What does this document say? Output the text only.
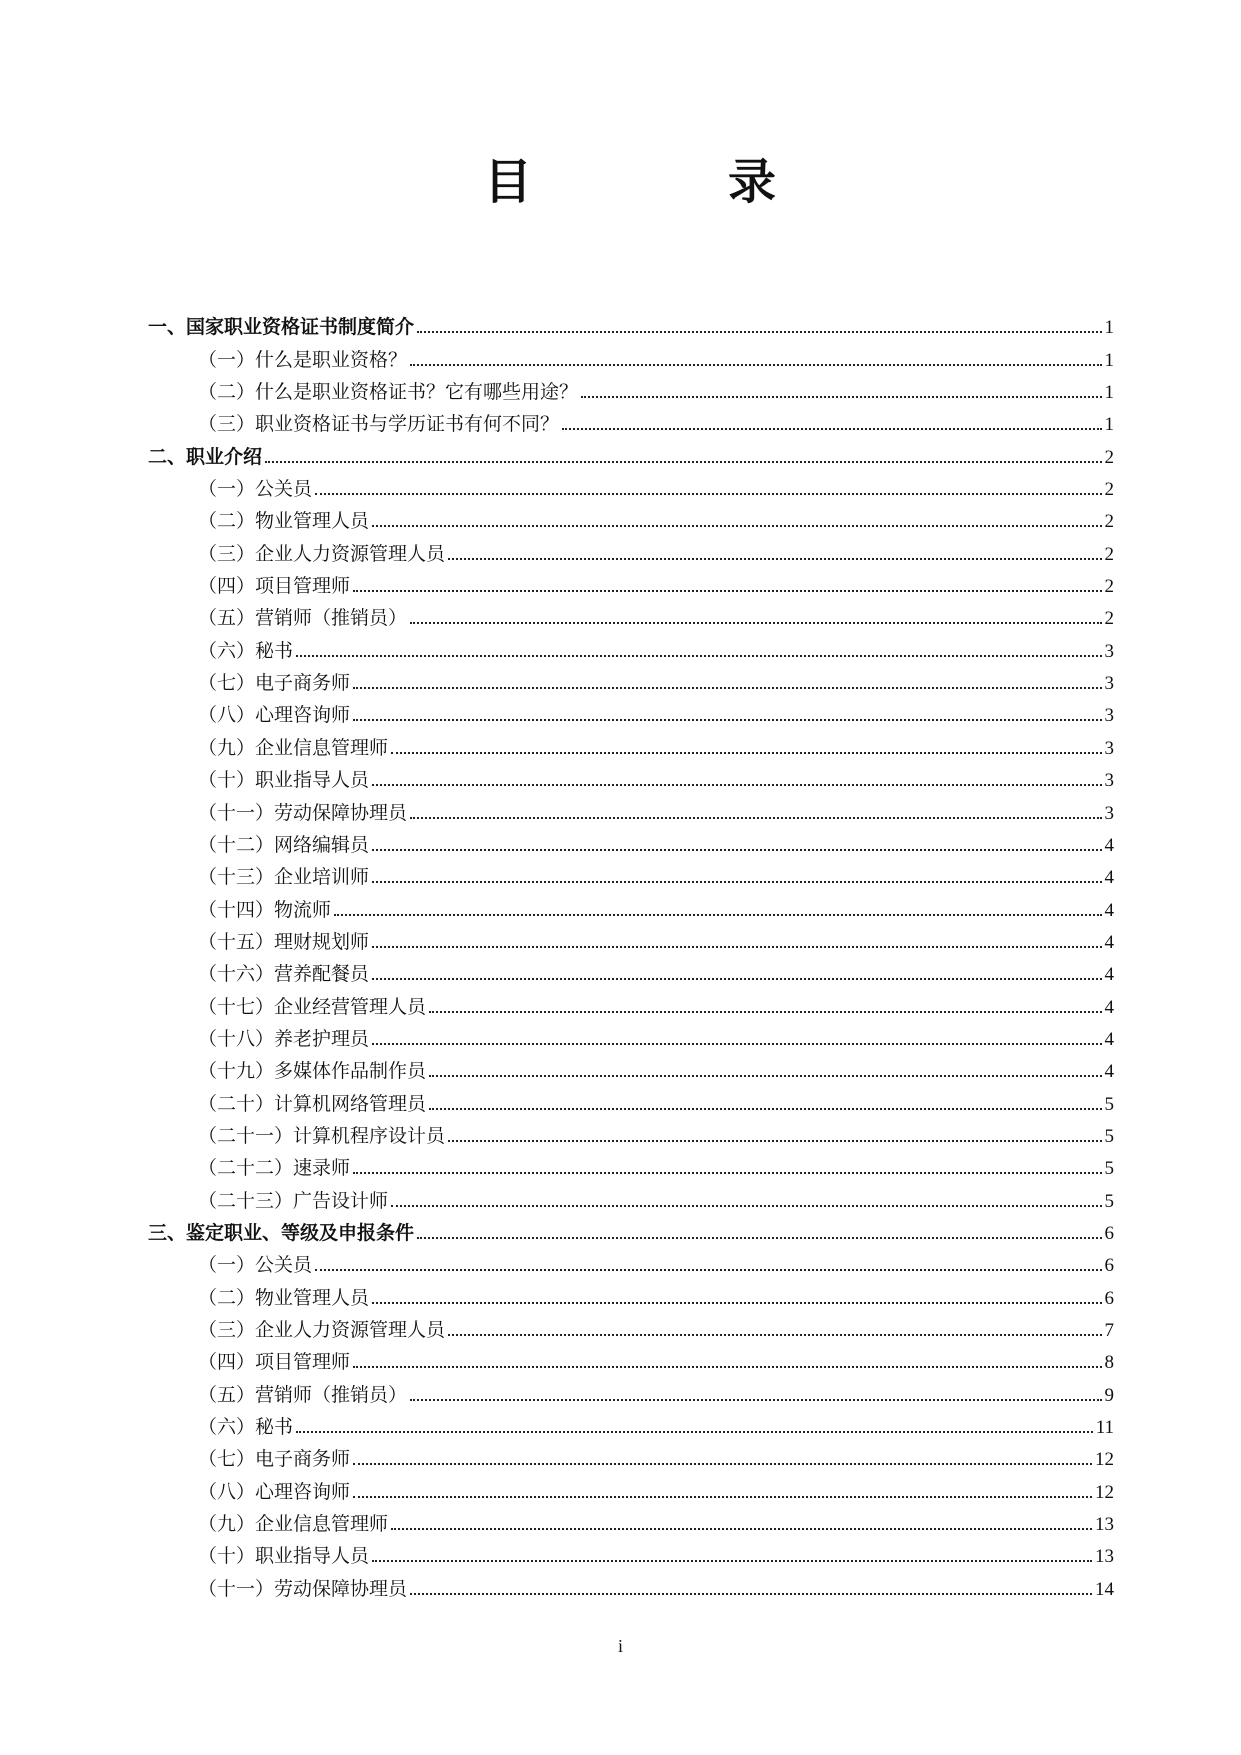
目	录
一、国家职业资格证书制度简介	1
（一）什么是职业资格？	1
（二）什么是职业资格证书？它有哪些用途？	1
（三）职业资格证书与学历证书有何不同？	1
二、职业介绍	2
（一）公关员	2
（二）物业管理人员	2
（三）企业人力资源管理人员	2
（四）项目管理师	2
（五）营销师（推销员）	2
（六）秘书	3
（七）电子商务师	3
（八）心理咨询师	3
（九）企业信息管理师	3
（十）职业指导人员	3
（十一）劳动保障协理员	3
（十二）网络编辑员	4
（十三）企业培训师	4
（十四）物流师	4
（十五）理财规划师	4
（十六）营养配餐员	4
（十七）企业经营管理人员	4
（十八）养老护理员	4
（十九）多媒体作品制作员	4
（二十）计算机网络管理员	5
（二十一）计算机程序设计员	5
（二十二）速录师	5
（二十三）广告设计师	5
三、鉴定职业、等级及申报条件	6
（一）公关员	6
（二）物业管理人员	6
（三）企业人力资源管理人员	7
（四）项目管理师	8
（五）营销师（推销员）	9
（六）秘书	11
（七）电子商务师	12
（八）心理咨询师	12
（九）企业信息管理师	13
（十）职业指导人员	13
（十一）劳动保障协理员	14
i
